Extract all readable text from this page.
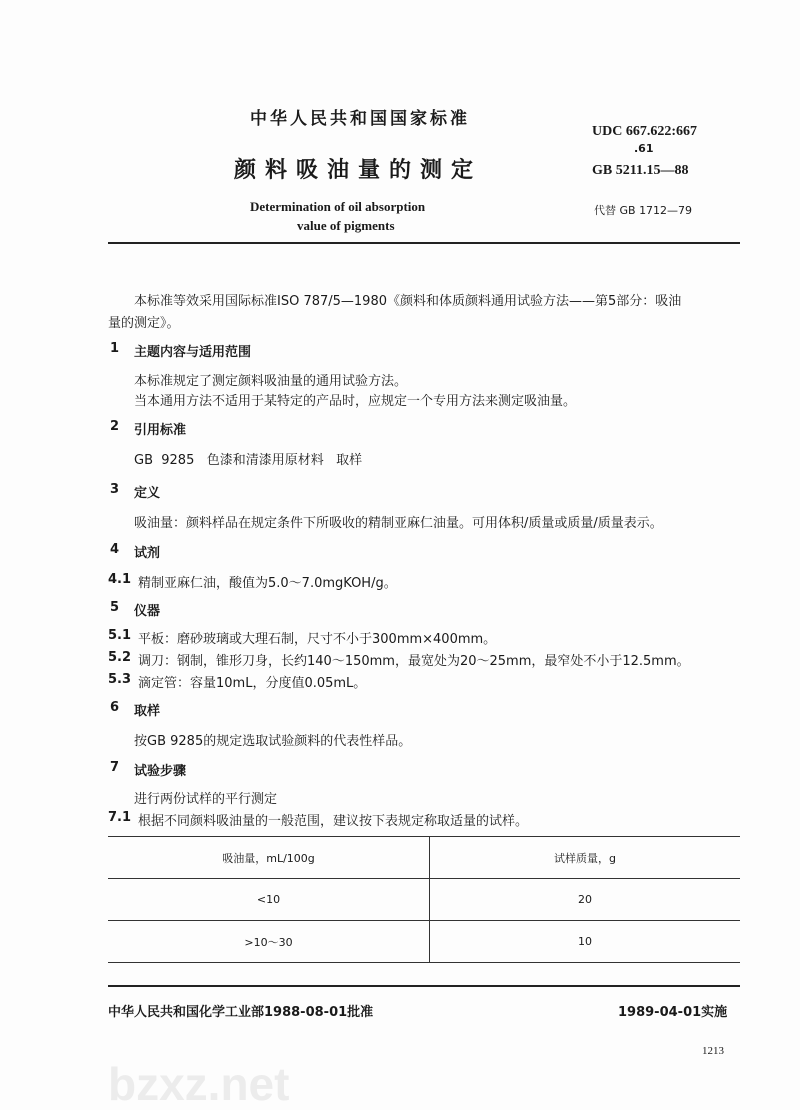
bzxz.net
中华人民共和国国家标准
颜料吸油量的测定
Determination of oil absorption
value of pigments
UDC 667.622:667
.61
GB 5211.15—88
代替 GB 1712—79
本标准等效采用国际标准ISO 787/5—1980《颜料和体质颜料通用试验方法——第5部分：吸油
量的测定》。
1 主题内容与适用范围
本标准规定了测定颜料吸油量的通用试验方法。
当本通用方法不适用于某特定的产品时，应规定一个专用方法来测定吸油量。
2 引用标准
GB  9285   色漆和清漆用原材料   取样
3 定义
吸油量：颜料样品在规定条件下所吸收的精制亚麻仁油量。可用体积/质量或质量/质量表示。
4 试剂
4.1 精制亚麻仁油，酸值为5.0～7.0mgKOH/g。
5 仪器
5.1 平板：磨砂玻璃或大理石制，尺寸不小于300mm×400mm。
5.2 调刀：钢制，锥形刀身，长约140～150mm，最宽处为20～25mm，最窄处不小于12.5mm。
5.3 滴定管：容量10mL，分度值0.05mL。
6 取样
按GB 9285的规定选取试验颜料的代表性样品。
7 试验步骤
进行两份试样的平行测定
7.1 根据不同颜料吸油量的一般范围，建议按下表规定称取适量的试样。
吸油量，mL/100g	试样质量，g
<10	20
>10～30	10
中华人民共和国化学工业部1988-08-01批准	1989-04-01实施
1213
